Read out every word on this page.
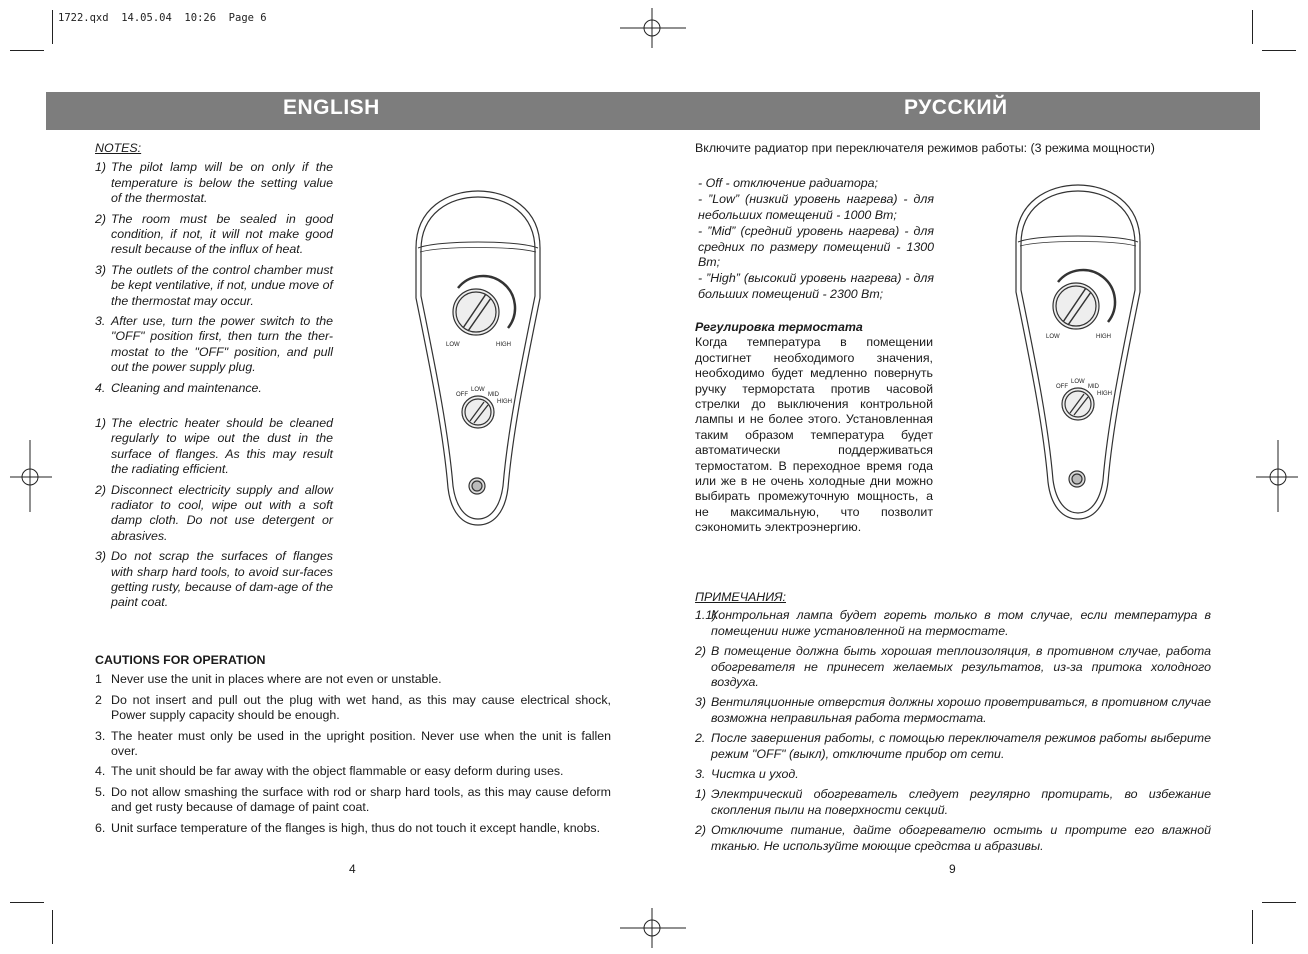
1722.qxd  14.05.04  10:26  Page 6
ENGLISH	РУССКИЙ
NOTES:
1) The pilot lamp will be on only if the temperature is below the setting value of the thermostat.
2) The room must be sealed in good condition, if not, it will not make good result because of the influx of heat.
3) The outlets of the control chamber must be kept ventilative, if not, undue move of the thermostat may occur.
3. After use, turn the power switch to the "OFF" position first, then turn the ther-mostat to the "OFF" position, and pull out the power supply plug.
4. Cleaning and maintenance.
1) The electric heater should be cleaned regularly to wipe out the dust in the surface of flanges. As this may result the radiating efficient.
2) Disconnect electricity supply and allow radiator to cool, wipe out with a soft damp cloth. Do not use detergent or abrasives.
3) Do not scrap the surfaces of flanges with sharp hard tools, to avoid sur-faces getting rusty, because of dam-age of the paint coat.
CAUTIONS FOR OPERATION
1 Never use the unit in places where are not even or unstable.
2 Do not insert and pull out the plug with wet hand, as this may cause electrical shock, Power supply capacity should be enough.
3. The heater must only be used in the upright position. Never use when the unit is fallen over.
4. The unit should be far away with the object flammable or easy deform during uses.
5. Do not allow smashing the surface with rod or sharp hard tools, as this may cause deform and get rusty because of damage of paint coat.
6. Unit surface temperature of the flanges is high, thus do not touch it except handle, knobs.
4
LOW	HIGH
OFF
LOW
MID
HIGH
Включите радиатор при переключателя режимов работы: (3 режима мощности)
- Off - отключение радиатора;
- ”Low” (низкий уровень нагрева) - для небольших помещений - 1000 Вт;
- ”Mid” (средний уровень нагрева) - для средних по размеру помещений - 1300 Вт;
- ”High” (высокий уровень нагрева) - для больших помещений - 2300 Вт;
Регулировка термостата
Когда температура в помещении достигнет необходимого значения, необходимо будет медленно повернуть ручку терморстата против часовой стрелки до выключения контрольной лампы и не более этого. Установленная таким образом температура будет автоматически поддерживаться термостатом. В переходное время года или же в не очень холодные дни можно выбирать промежуточную мощность, а не максимальную, что позволит сэкономить электроэнергию.
LOW	HIGH
OFF
LOW
MID
HIGH
ПРИМЕЧАНИЯ:
1.1)
Контрольная лампа будет гореть только в том случае, если температура в помещении ниже установленной на термостате.
2) В помещение должна быть хорошая теплоизоляция, в противном случае, работа обогревателя не принесет желаемых результатов, из-за притока холодного воздуха.
3) Вентиляционные отверстия должны хорошо проветриваться, в противном случае возможна неправильная работа термостата.
2. После завершения работы, с помощью переключателя режимов работы выберите режим "OFF" (выкл), отключите прибор от сети.
3. Чистка и уход.
1) Электрический обогреватель следует регулярно протирать, во избежание скопления пыли на поверхности секций.
2) Отключите питание, дайте обогревателю остыть и протрите его влажной тканью. Не используйте моющие средства и абразивы.
9
